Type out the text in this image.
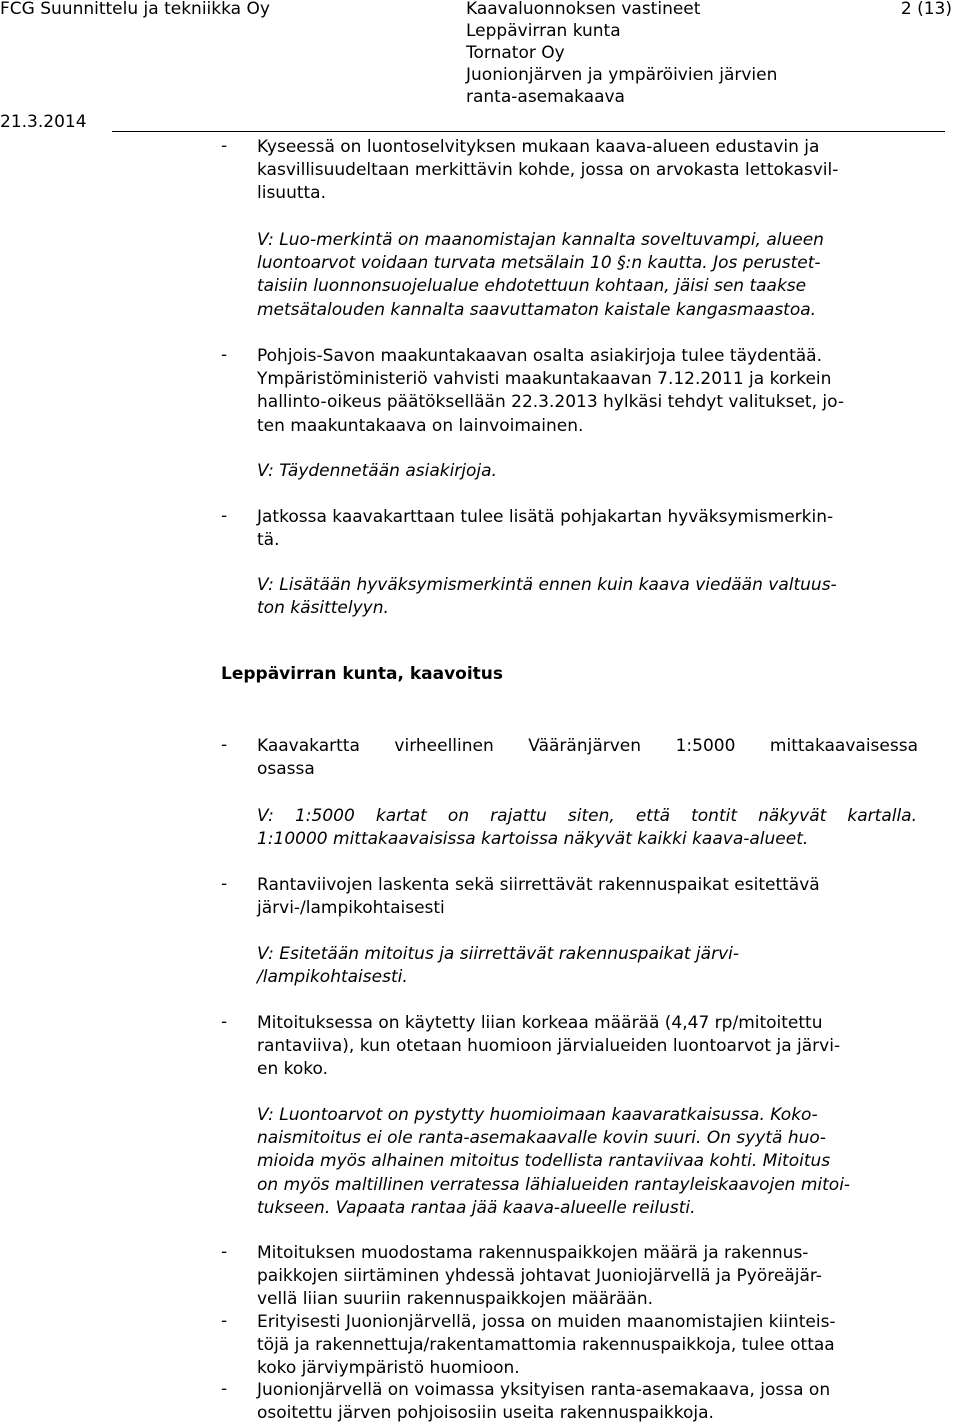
FCG Suunnittelu ja tekniikka Oy	Kaavaluonnoksen vastineet
Leppävirran kunta
Tornator Oy
Juonionjärven ja ympäröivien järvien
ranta-asemakaava
2 (13)
21.3.2014
- Kyseessä on luontoselvityksen mukaan kaava-alueen edustavin ja
kasvillisuudeltaan merkittävin kohde, jossa on arvokasta lettokasvil-
lisuutta.
V: Luo-merkintä on maanomistajan kannalta soveltuvampi, alueen
luontoarvot voidaan turvata metsälain 10 §:n kautta. Jos perustet-
taisiin luonnonsuojelualue ehdotettuun kohtaan, jäisi sen taakse
metsätalouden kannalta saavuttamaton kaistale kangasmaastoa.
- Pohjois-Savon maakuntakaavan osalta asiakirjoja tulee täydentää.
Ympäristöministeriö vahvisti maakuntakaavan 7.12.2011 ja korkein
hallinto-oikeus päätöksellään 22.3.2013 hylkäsi tehdyt valitukset, jo-
ten maakuntakaava on lainvoimainen.
V: Täydennetään asiakirjoja.
- Jatkossa kaavakarttaan tulee lisätä pohjakartan hyväksymismerkin-
tä.
V: Lisätään hyväksymismerkintä ennen kuin kaava viedään valtuus-
ton käsittelyyn.
Leppävirran kunta, kaavoitus
- Kaavakartta virheellinen Vääränjärven 1:5000 mittakaavaisessa
osassa
V: 1:5000 kartat on rajattu siten, että tontit näkyvät kartalla.
1:10000 mittakaavaisissa kartoissa näkyvät kaikki kaava-alueet.
- Rantaviivojen laskenta sekä siirrettävät rakennuspaikat esitettävä
järvi-/lampikohtaisesti
V: Esitetään mitoitus ja siirrettävät rakennuspaikat järvi-
/lampikohtaisesti.
- Mitoituksessa on käytetty liian korkeaa määrää (4,47 rp/mitoitettu
rantaviiva), kun otetaan huomioon järvialueiden luontoarvot ja järvi-
en koko.
V: Luontoarvot on pystytty huomioimaan kaavaratkaisussa. Koko-
naismitoitus ei ole ranta-asemakaavalle kovin suuri. On syytä huo-
mioida myös alhainen mitoitus todellista rantaviivaa kohti. Mitoitus
on myös maltillinen verratessa lähialueiden rantayleiskaavojen mitoi-
tukseen. Vapaata rantaa jää kaava-alueelle reilusti.
- Mitoituksen muodostama rakennuspaikkojen määrä ja rakennus-
paikkojen siirtäminen yhdessä johtavat Juoniojärvellä ja Pyöreäjär-
vellä liian suuriin rakennuspaikkojen määrään.
- Erityisesti Juonionjärvellä, jossa on muiden maanomistajien kiinteis-
töjä ja rakennettuja/rakentamattomia rakennuspaikkoja, tulee ottaa
koko järviympäristö huomioon.
- Juonionjärvellä on voimassa yksityisen ranta-asemakaava, jossa on
osoitettu järven pohjoisosiin useita rakennuspaikkoja.
